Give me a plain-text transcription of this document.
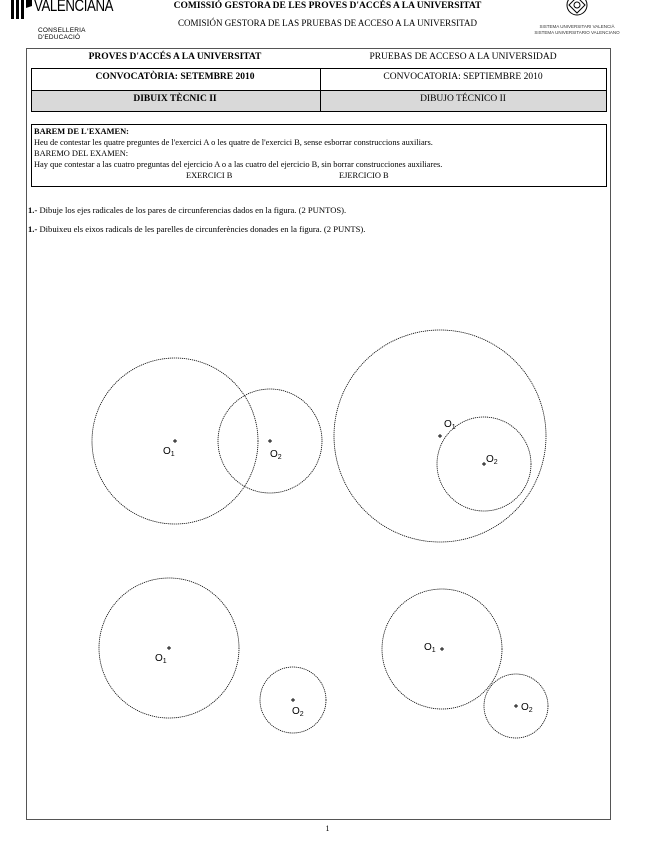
VALENCIANA
CONSELLERIA D'EDUCACIÓ
SISTEMA UNIVERSITARI VALENCIÀ
SISTEMA UNIVERSITARIO VALENCIANO
COMISSIÓ GESTORA DE LES PROVES D'ACCÉS A LA UNIVERSITAT
COMISIÓN GESTORA DE LAS PRUEBAS DE ACCESO A LA UNIVERSITAD
PROVES D'ACCÉS A LA UNIVERSITAT	PRUEBAS DE ACCESO A LA UNIVERSIDAD
CONVOCATÒRIA: SETEMBRE 2010	CONVOCATORIA: SEPTIEMBRE 2010
DIBUIX TÈCNIC II	DIBUJO TÉCNICO II
BAREM DE L'EXAMEN:
Heu de contestar les quatre preguntes de l'exercici A o les quatre de l'exercici B, sense esborrar construccions auxiliars.
BAREMO DEL EXAMEN:
Hay que contestar a las cuatro preguntas del ejercicio A o a las cuatro del ejercicio B, sin borrar construcciones auxiliares.
EXERCICI B	EJERCICIO B
1.- Dibuje los ejes radicales de los pares de circunferencias dados en la figura. (2 PUNTOS).
1.- Dibuixeu els eixos radicals de les parelles de circunferències donades en la figura. (2 PUNTS).
$O_1$	$O_2$
$O_1$
$O_2$
$O_1$
$O_2$
$O_1$
$O_2$
1
